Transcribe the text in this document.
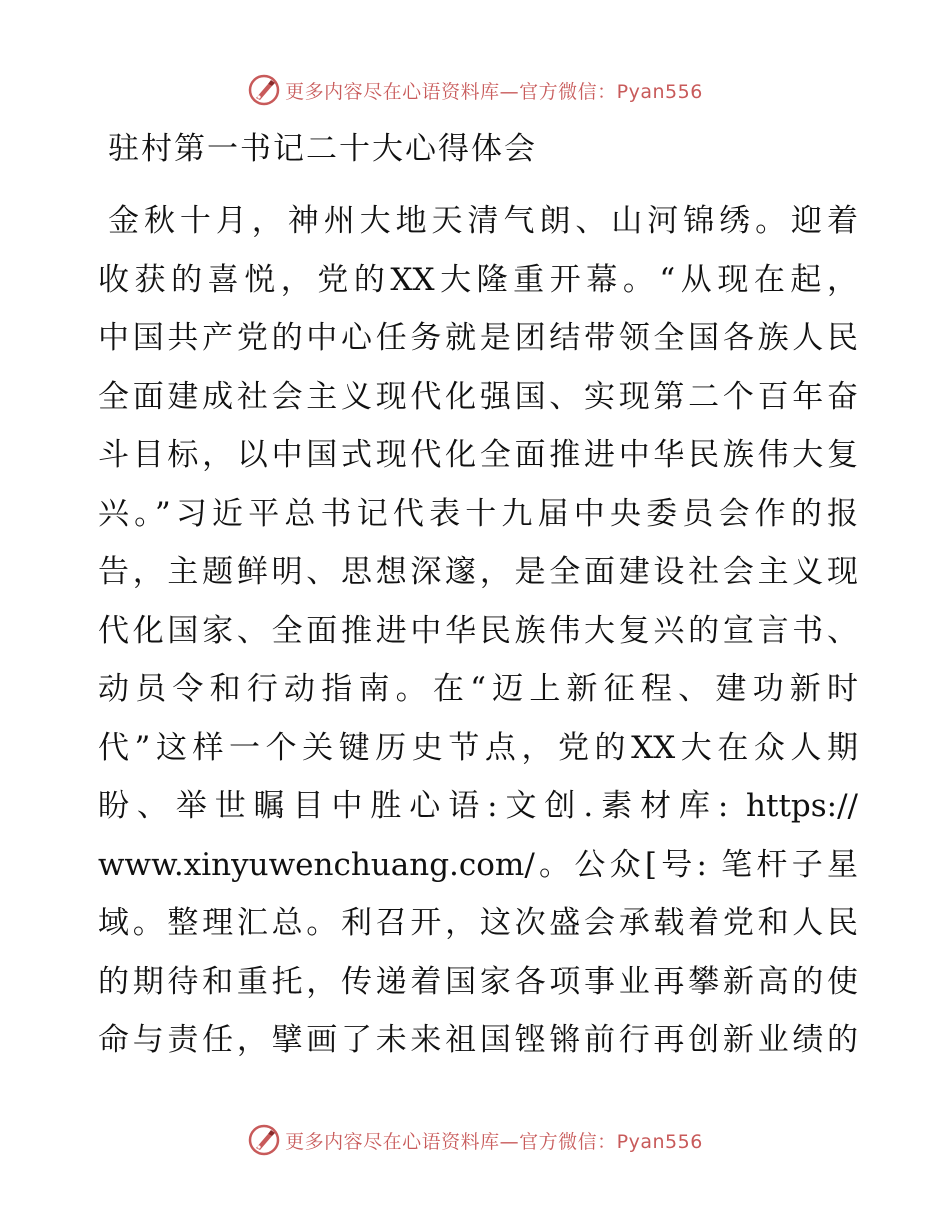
更多内容尽在心语资料库—官方微信：Pyan556
驻村第一书记二十大心得体会
金秋十月，神州大地天清气朗、山河锦绣。迎着
收获的喜悦，党的XX大隆重开幕。“从现在起，
中国共产党的中心任务就是团结带领全国各族人民
全面建成社会主义现代化强国、实现第二个百年奋
斗目标，以中国式现代化全面推进中华民族伟大复
兴。”习近平总书记代表十九届中央委员会作的报
告，主题鲜明、思想深邃，是全面建设社会主义现
代化国家、全面推进中华民族伟大复兴的宣言书、
动员令和行动指南。在“迈上新征程、建功新时
代”这样一个关键历史节点，党的XX大在众人期
盼、举世瞩目中胜心语:文创.素材库: https://
www.xinyuwenchuang.com/。公众[号: 笔杆子星
域。整理汇总。利召开，这次盛会承载着党和人民
的期待和重托，传递着国家各项事业再攀新高的使
命与责任，擘画了未来祖国铿锵前行再创新业绩的
更多内容尽在心语资料库—官方微信：Pyan556
